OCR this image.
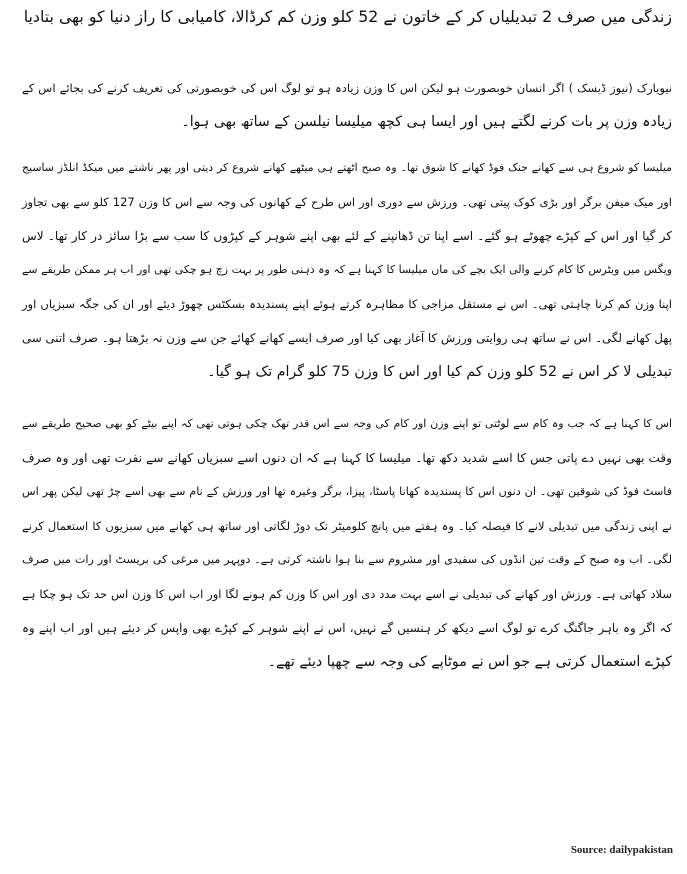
زندگی میں صرف 2 تبدیلیاں کر کے خاتون نے 52 کلو وزن کم کرڈالا، کامیابی کا راز دنیا کو بھی بتادیا
نیویارک (نیوز ڈیسک ) اگر انسان خوبصورت ہو لیکن اس کا وزن زیادہ ہو تو لوگ اس کی خوبصورتی کی تعریف کرنے کی بجائے اس کے
زیادہ وزن پر بات کرنے لگتے ہیں اور ایسا ہی کچھ میلیسا نیلسن کے ساتھ بھی ہوا۔
میلیسا کو شروع ہی سے کھانے جنک فوڈ کھانے کا شوق تھا۔ وہ صبح اٹھتے ہی میٹھے کھانے شروع کر دیتی اور پھر ناشتے میں میکڈ انلڈز ساسیج
اور میک میفن برگر اور بڑی کوک پیتی تھی۔ ورزش سے دوری اور اس طرح کے کھانوں کی وجہ سے اس کا وزن 127 کلو سے بھی تجاوز
کر گیا اور اس کے کپڑے چھوٹے ہو گئے۔ اسے اپنا تن ڈھانپنے کے لئے بھی اپنے شوہر کے کپڑوں کا سب سے بڑا سائز در کار تھا۔ لاس
ویگس میں ویٹرس کا کام کرنے والی ایک بچے کی ماں میلیسا کا کہنا ہے کہ وہ ذہنی طور پر بہت زچ ہو چکی تھی اور اب ہر ممکن طریقے سے
اپنا وزن کم کرنا چاہتی تھی۔ اس نے مستقل مزاجی کا مظاہرہ کرتے ہوئے اپنے پسندیدہ بسکٹس چھوڑ دیئے اور ان کی جگہ سبزیاں اور
پھل کھانے لگی۔ اس نے ساتھ ہی روایتی ورزش کا آغاز بھی کیا اور صرف ایسے کھانے کھائے جن سے وزن نہ بڑھتا ہو۔ صرف اتنی سی
تبدیلی لا کر اس نے 52 کلو وزن کم کیا اور اس کا وزن 75 کلو گرام تک ہو گیا۔
اس کا کہنا ہے کہ جب وہ کام سے لوٹتی تو اپنے وزن اور کام کی وجہ سے اس قدر تھک چکی ہوتی تھی کہ اپنے بیٹے کو بھی صحیح طریقے سے
وقت بھی نہیں دے پاتی جس کا اسے شدید دکھ تھا۔ میلیسا کا کہنا ہے کہ ان دنوں اسے سبزیاں کھانے سے نفرت تھی اور وہ صرف
فاسٹ فوڈ کی شوقین تھی۔ ان دنوں اس کا پسندیدہ کھانا پاسٹا، پیزا، برگر وغیرہ تھا اور ورزش کے نام سے بھی اسے چڑ تھی لیکن پھر اس
نے اپنی زندگی میں تبدیلی لانے کا فیصلہ کیا۔ وہ ہفتے میں پانچ کلومیٹر تک دوڑ لگاتی اور ساتھ ہی کھانے میں سبزیوں کا استعمال کرنے
لگی۔ اب وہ صبح کے وقت تین انڈوں کی سفیدی اور مشروم سے بنا ہوا ناشتہ کرتی ہے۔ دوپہر میں مرغی کی بریسٹ اور رات میں صرف
سلاد کھاتی ہے۔ ورزش اور کھانے کی تبدیلی نے اسے بہت مدد دی اور اس کا وزن کم ہونے لگا اور اب اس کا وزن اس حد تک ہو چکا ہے
کہ اگر وہ باہر جاگنگ کرے تو لوگ اسے دیکھ کر ہنسیں گے نہیں، اس نے اپنے شوہر کے کپڑے بھی واپس کر دیئے ہیں اور اب اپنے وہ
کپڑے استعمال کرتی ہے جو اس نے موٹاپے کی وجہ سے چھپا دیئے تھے۔
Source: dailypakistan
